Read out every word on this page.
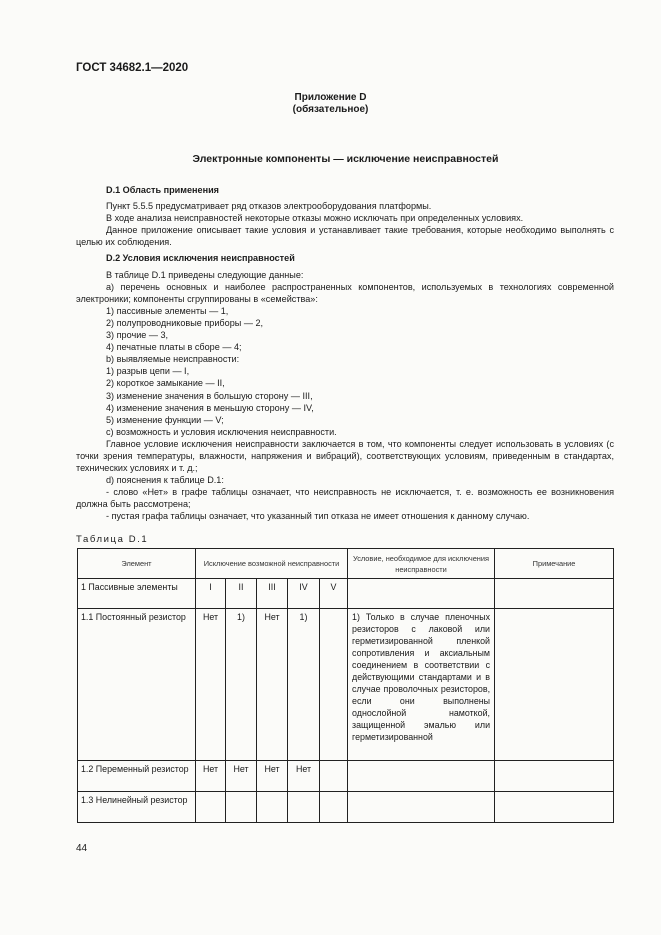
ГОСТ 34682.1—2020
Приложение D
(обязательное)
Электронные компоненты — исключение неисправностей

D.1 Область применения

Пункт 5.5.5 предусматривает ряд отказов электрооборудования платформы.

В ходе анализа неисправностей некоторые отказы можно исключать при определенных условиях.

Данное приложение описывает такие условия и устанавливает такие требования, которые необходимо выполнять с целью их соблюдения.

D.2 Условия исключения неисправностей

В таблице D.1 приведены следующие данные:

a) перечень основных и наиболее распространенных компонентов, используемых в технологиях современной электроники; компоненты сгруппированы в «семейства»:

1) пассивные элементы — 1,

2) полупроводниковые приборы — 2,

3) прочие — 3,

4) печатные платы в сборе — 4;

b) выявляемые неисправности:

1) разрыв цепи — I,

2) короткое замыкание — II,

3) изменение значения в большую сторону — III,

4) изменение значения в меньшую сторону — IV,

5) изменение функции — V;

c) возможность и условия исключения неисправности.

Главное условие исключения неисправности заключается в том, что компоненты следует использовать в условиях (с точки зрения температуры, влажности, напряжения и вибраций), соответствующих условиям, приведенным в стандартах, технических условиях и т. д.;

d) пояснения к таблице D.1:

- слово «Нет» в графе таблицы означает, что неисправность не исключается, т. е. возможность ее возникновения должна быть рассмотрена;

- пустая графа таблицы означает, что указанный тип отказа не имеет отношения к данному случаю.

Таблица D.1
Элемент	Исключение возможной неисправности					Условие, необходимое для исключения неисправности	Примечание
1 Пассивные элементы	I	II	III	IV	V		
1.1 Постоянный резистор	Нет	1)	Нет	1)		1) Только в случае пленочных резисторов с лаковой или герметизированной пленкой сопротивления и аксиальным соединением в соответствии с действующими стандартами и в случае проволочных резисторов, если они выполнены однослойной намоткой, защищенной эмалью или герметизированной	
1.2 Переменный резистор	Нет	Нет	Нет	Нет			
1.3 Нелинейный резистор							
44
